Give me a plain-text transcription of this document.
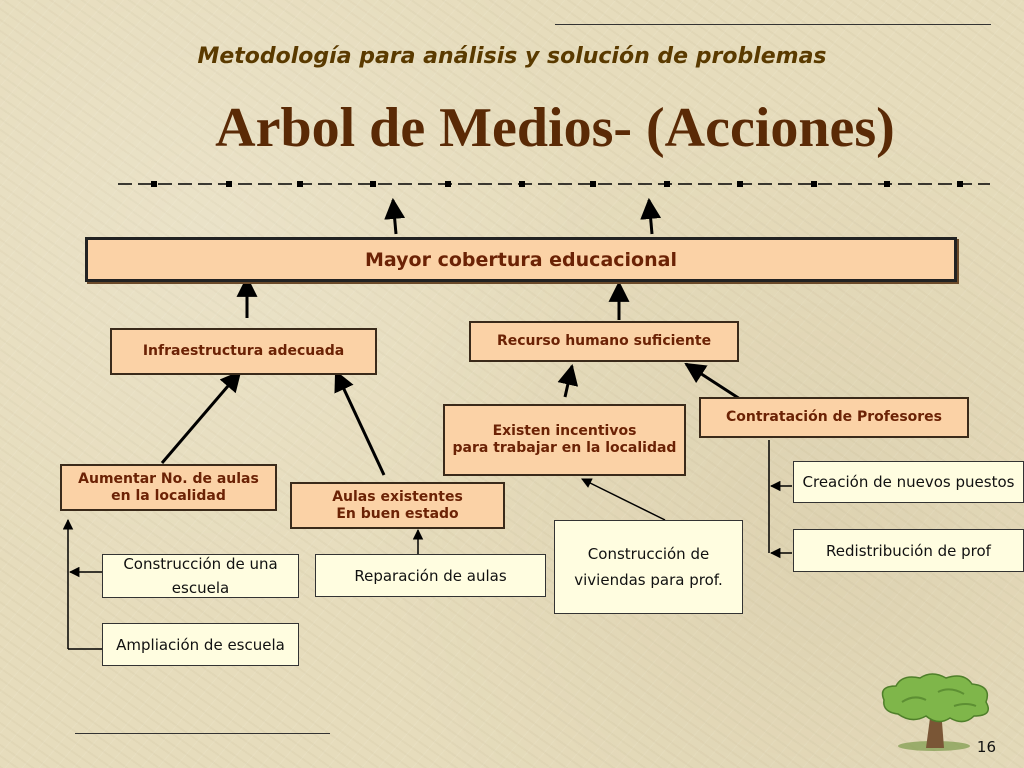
Metodología para análisis y solución de problemas
Arbol de Medios- (Acciones)
Mayor cobertura educacional
Infraestructura adecuada
Recurso humano suficiente
Existen incentivos
para trabajar en la localidad
Contratación de Profesores
Aumentar No. de aulas
en la localidad	Aulas existentes
En buen estado
Construcción de una
escuela
Ampliación de escuela
Reparación de aulas
Construcción de
viviendas para prof.
Creación de nuevos puestos
Redistribución de prof
16
